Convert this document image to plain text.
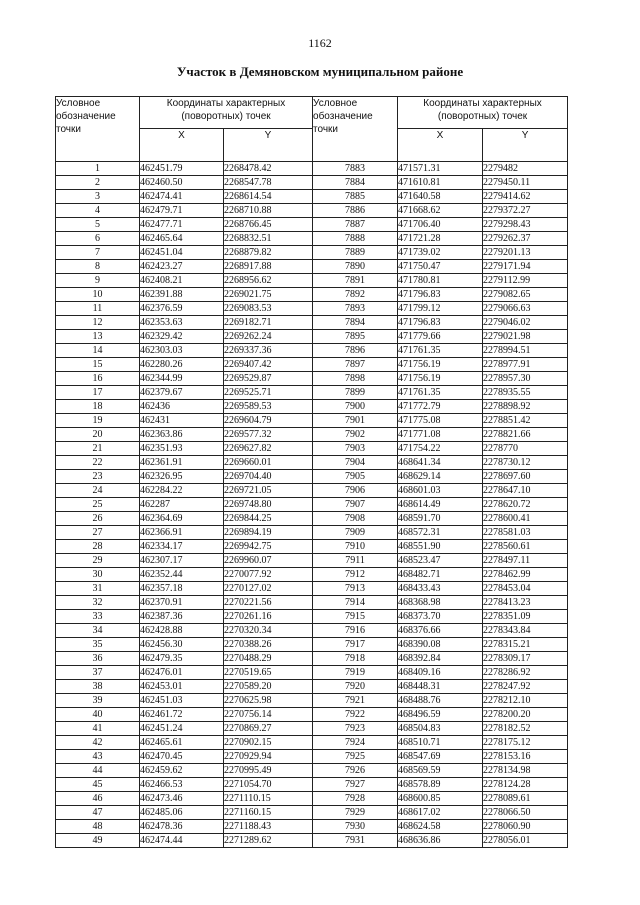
1162
Участок в Демяновском муниципальном районе
Условное обозначение точки	Координаты характерных (поворотных) точек		Условное обозначение точки	Координаты характерных (поворотных) точек	
	X	Y		X	Y
1	462451.79	2268478.42	7883	471571.31	2279482
2	462460.50	2268547.78	7884	471610.81	2279450.11
3	462474.41	2268614.54	7885	471640.58	2279414.62
4	462479.71	2268710.88	7886	471668.62	2279372.27
5	462477.71	2268766.45	7887	471706.40	2279298.43
6	462465.64	2268832.51	7888	471721.28	2279262.37
7	462451.04	2268879.82	7889	471739.02	2279201.13
8	462423.27	2268917.88	7890	471750.47	2279171.94
9	462408.21	2268956.62	7891	471780.81	2279112.99
10	462391.88	2269021.75	7892	471796.83	2279082.65
11	462376.59	2269083.53	7893	471799.12	2279066.63
12	462353.63	2269182.71	7894	471796.83	2279046.02
13	462329.42	2269262.24	7895	471779.66	2279021.98
14	462303.03	2269337.36	7896	471761.35	2278994.51
15	462280.26	2269407.42	7897	471756.19	2278977.91
16	462344.99	2269529.87	7898	471756.19	2278957.30
17	462379.67	2269525.71	7899	471761.35	2278935.55
18	462436	2269589.53	7900	471772.79	2278898.92
19	462431	2269604.79	7901	471775.08	2278851.42
20	462363.86	2269577.32	7902	471771.08	2278821.66
21	462351.93	2269627.82	7903	471754.22	2278770
22	462361.91	2269660.01	7904	468641.34	2278730.12
23	462326.95	2269704.40	7905	468629.14	2278697.60
24	462284.22	2269721.05	7906	468601.03	2278647.10
25	462287	2269748.80	7907	468614.49	2278620.72
26	462364.69	2269844.25	7908	468591.70	2278600.41
27	462366.91	2269894.19	7909	468572.31	2278581.03
28	462334.17	2269942.75	7910	468551.90	2278560.61
29	462307.17	2269960.07	7911	468523.47	2278497.11
30	462352.44	2270077.92	7912	468482.71	2278462.99
31	462357.18	2270127.02	7913	468433.43	2278453.04
32	462370.91	2270221.56	7914	468368.98	2278413.23
33	462387.36	2270261.16	7915	468373.70	2278351.09
34	462428.88	2270320.34	7916	468376.66	2278343.84
35	462456.30	2270388.26	7917	468390.08	2278315.21
36	462479.35	2270488.29	7918	468392.84	2278309.17
37	462476.01	2270519.65	7919	468409.16	2278286.92
38	462453.01	2270589.20	7920	468448.31	2278247.92
39	462451.03	2270625.98	7921	468488.76	2278212.10
40	462461.72	2270756.14	7922	468496.59	2278200.20
41	462451.24	2270869.27	7923	468504.83	2278182.52
42	462465.61	2270902.15	7924	468510.71	2278175.12
43	462470.45	2270929.94	7925	468547.69	2278153.16
44	462459.62	2270995.49	7926	468569.59	2278134.98
45	462466.53	2271054.70	7927	468578.89	2278124.28
46	462473.46	2271110.15	7928	468600.85	2278089.61
47	462485.06	2271160.15	7929	468617.02	2278066.50
48	462478.36	2271188.43	7930	468624.58	2278060.90
49	462474.44	2271289.62	7931	468636.86	2278056.01
